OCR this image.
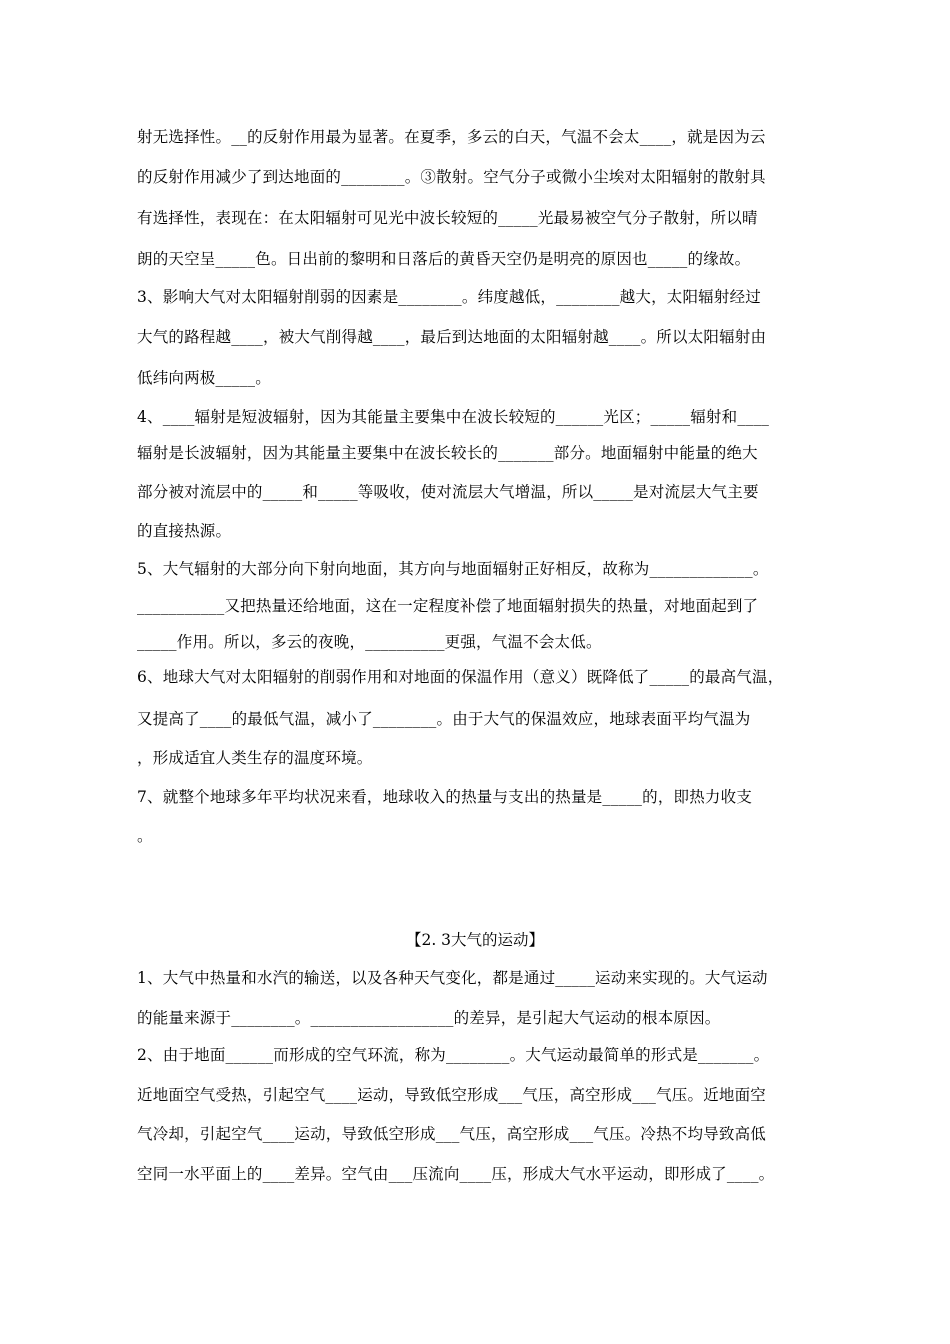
射无选择性。__的反射作用最为显著。在夏季，多云的白天，气温不会太____，就是因为云
的反射作用减少了到达地面的________。③散射。空气分子或微小尘埃对太阳辐射的散射具
有选择性，表现在：在太阳辐射可见光中波长较短的_____光最易被空气分子散射，所以晴
朗的天空呈_____色。日出前的黎明和日落后的黄昏天空仍是明亮的原因也_____的缘故。
3、影响大气对太阳辐射削弱的因素是________。纬度越低，________越大，太阳辐射经过
大气的路程越____，被大气削得越____，最后到达地面的太阳辐射越____。所以太阳辐射由
低纬向两极_____。
4、____辐射是短波辐射，因为其能量主要集中在波长较短的______光区；_____辐射和____
辐射是长波辐射，因为其能量主要集中在波长较长的_______部分。地面辐射中能量的绝大
部分被对流层中的_____和_____等吸收，使对流层大气增温，所以_____是对流层大气主要
的直接热源。
5、大气辐射的大部分向下射向地面，其方向与地面辐射正好相反，故称为_____________。
___________又把热量还给地面，这在一定程度补偿了地面辐射损失的热量，对地面起到了
_____作用。所以，多云的夜晚，__________更强，气温不会太低。
6、地球大气对太阳辐射的削弱作用和对地面的保温作用（意义）既降低了_____的最高气温，
又提高了____的最低气温，减小了________。由于大气的保温效应，地球表面平均气温为
，形成适宜人类生存的温度环境。
7、就整个地球多年平均状况来看，地球收入的热量与支出的热量是_____的，即热力收支
。
【2. 3大气的运动】
1、大气中热量和水汽的输送，以及各种天气变化，都是通过_____运动来实现的。大气运动
的能量来源于________。__________________的差异，是引起大气运动的根本原因。
2、由于地面______而形成的空气环流，称为________。大气运动最简单的形式是_______。
近地面空气受热，引起空气____运动，导致低空形成___气压，高空形成___气压。近地面空
气冷却，引起空气____运动，导致低空形成___气压，高空形成___气压。冷热不均导致高低
空同一水平面上的____差异。空气由___压流向____压，形成大气水平运动，即形成了____。
